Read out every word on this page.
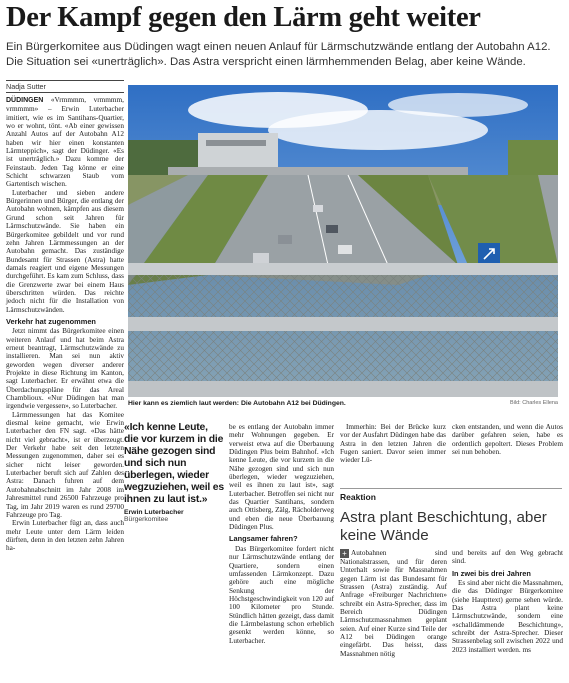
Der Kampf gegen den Lärm geht weiter
Ein Bürgerkomitee aus Düdingen wagt einen neuen Anlauf für Lärmschutzwände entlang der Autobahn A12. Die Situation sei «unerträglich». Das Astra verspricht einen lärmhemmenden Belag, aber keine Wände.
Nadja Sutter

DÜDINGEN «Vrmmmm, vrmmmm, vrmmmm» – Erwin Luterbacher imitiert, wie es im Santihans-Quartier, wo er wohnt, tönt. «Ab einer gewissen Anzahl Autos auf der Autobahn A12 haben wir hier einen konstanten Lärmteppich», sagt der Düdinger. «Es ist unerträglich.» Dazu komme der Feinstaub. Jeden Tag könne er eine Schicht schwarzen Staub vom Gartentisch wischen.

Luterbacher und sieben andere Bürgerinnen und Bürger, die entlang der Autobahn wohnen, kämpfen aus diesem Grund schon seit Jahren für Lärmschutzwände. Sie haben ein Bürgerkomitee gebildelt und vor rund zehn Jahren Lärmmessungen an der Autobahn gemacht. Das zuständige Bundesamt für Strassen (Astra) hatte damals reagiert und eigene Messungen durchgeführt. Es kam zum Schluss, dass die Grenzwerte zwar bei einem Haus überschritten würden. Das reichte jedoch nicht für die Installation von Lärmschutzwänden.

Verkehr hat zugenommen

Jetzt nimmt das Bürgerkomitee einen weiteren Anlauf und hat beim Astra erneut beantragt, Lärmschutzwände zu installieren. Man sei nun aktiv geworden wegen diverser anderer Projekte in diese Richtung im Kanton, sagt Luterbacher. Er erwähnt etwa die Überdachungspläne für das Areal Chamblioux. «Nur Düdingen hat man irgendwie vergessen», so Luterbacher.

Lärmmessungen hat das Komitee diesmal keine gemacht, wie Erwin Luterbacher den FN sagt. «Das hätte nicht viel gebracht», ist er überzeugt. Der Verkehr habe seit den letzten Messungen zugenommen, daher sei es sicher nicht leiser geworden. Luterbacher beruft sich auf Zahlen des Astra: Danach fuhren auf dem Autobahnabschnitt im Jahr 2008 im Jahresmittel rund 26500 Fahrzeuge pro Tag, im Jahr 2019 waren es rund 29700 Fahrzeuge pro Tag.

Erwin Luterbacher fügt an, dass auch mehr Leute unter dem Lärm leiden dürften, denn in den letzten zehn Jahren ha-

Hier kann es ziemlich laut werden: Die Autobahn A12 bei Düdingen.	Bild: Charles Ellena
«Ich kenne Leute, die vor kurzem in die Nähe gezogen sind und sich nun überlegen, wieder wegzuziehen, weil es ihnen zu laut ist.»
Erwin Luterbacher
Bürgerkomitee

be es entlang der Autobahn immer mehr Wohnungen gegeben. Er verweist etwa auf die Überbauung Düdingen Plus beim Bahnhof. «Ich kenne Leute, die vor kurzem in die Nähe gezogen sind und sich nun überlegen, wieder wegzuziehen, weil es ihnen zu laut ist», sagt Luterbacher. Betroffen sei nicht nur das Quartier Santihans, sondern auch Ottisberg, Zälg, Rächolderweg und eben die neue Überbauung Düdingen Plus.

Langsamer fahren?

Das Bürgerkomitee fordert nicht nur Lärmschutzwände entlang der Quartiere, sondern einen umfassenden Lärmkonzept. Dazu gehöre auch eine mögliche Senkung der Höchstgeschwindigkeit von 120 auf 100 Kilometer pro Stunde. Stündlich hätten gezeigt, dass damit die Lärmbelastung schon erheblich gesenkt werden könne, so Luterbacher.

Immerhin: Bei der Brücke kurz vor der Ausfahrt Düdingen habe das Astra in den letzten Jahren die Fugen saniert. Davor seien immer wieder Lü-

cken entstanden, und wenn die Autos darüber gefahren seien, habe es ordentlich gepoltert. Dieses Problem sei nun behoben.

Reaktion
Astra plant Beschichtung, aber keine Wände

+ Autobahnen sind Nationalstrassen, und für deren Unterhalt sowie für Massnahmen gegen Lärm ist das Bundesamt für Strassen (Astra) zuständig. Auf Anfrage «Freiburger Nachrichten» schreibt ein Astra-Sprecher, dass im Bereich Düdingen Lärmschutzmassnahmen geplant seien. Auf einer Kurze sind Teile der A12 bei Düdingen orange eingefärbt. Das heisst, dass Massnahmen nötig

und bereits auf den Weg gebracht sind.

In zwei bis drei Jahren

Es sind aber nicht die Massnahmen, die das Düdinger Bürgerkomitee (siehe Haupttext) gerne sehen würde. Das Astra plant keine Lärmschutzwände, sondern eine «schalldämmende Beschichtung», schreibt der Astra-Sprecher. Dieser Strassenbelag soll zwischen 2022 und 2023 installiert werden. ms
